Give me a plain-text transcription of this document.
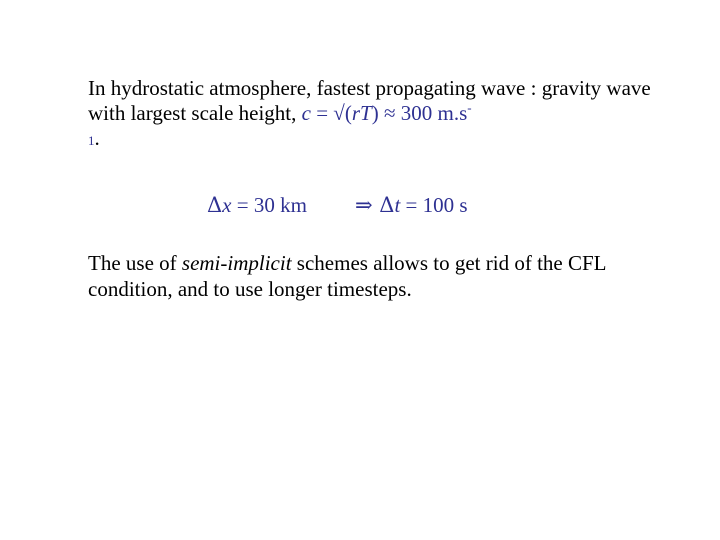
In hydrostatic atmosphere, fastest propagating wave : gravity wave with largest scale height, c = √(rT) ≈ 300 m.s-
1.
Δx = 30 km ⇒ Δt = 100 s
The use of semi-implicit schemes allows to get rid of the CFL condition, and to use longer timesteps.
